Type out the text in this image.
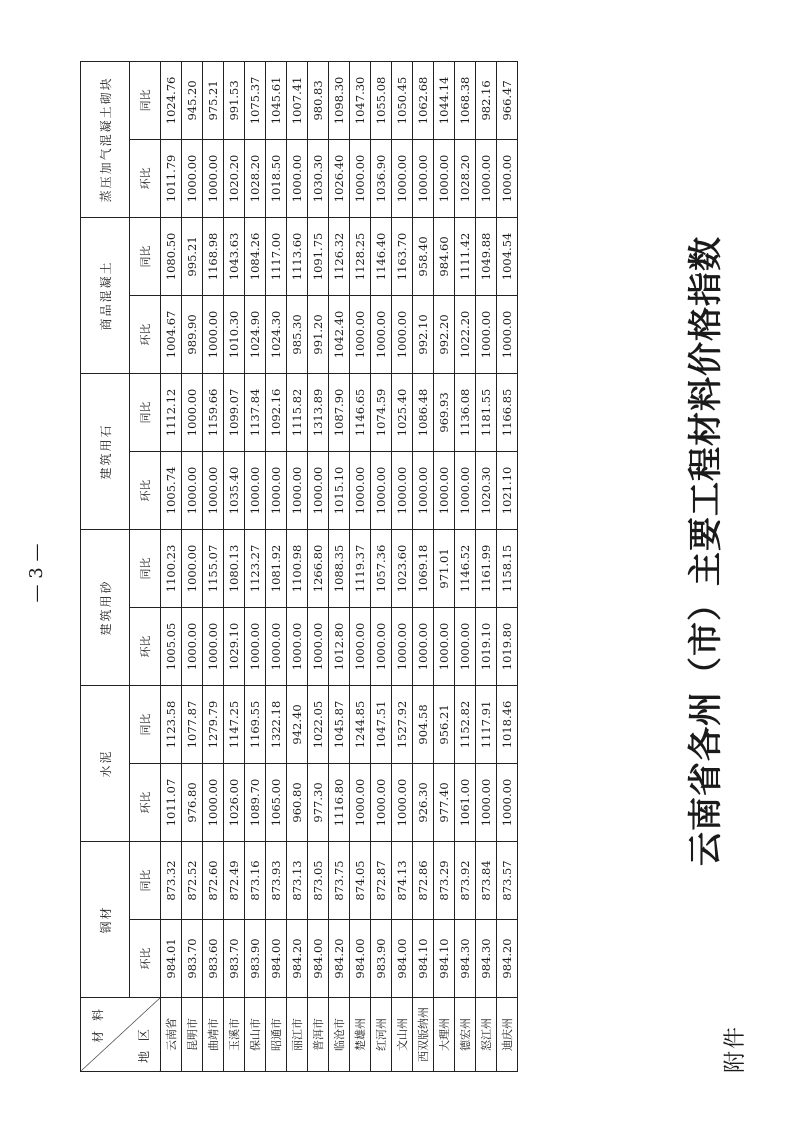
— 3 —
材 料
地 区	钢材		水泥		建筑用砂		建筑用石		商品混凝土		蒸压加气混凝土砌块	
	环比	同比	环比	同比	环比	同比	环比	同比	环比	同比	环比	同比
云南省	984.01	873.32	1011.07	1123.58	1005.05	1100.23	1005.74	1112.12	1004.67	1080.50	1011.79	1024.76
昆明市	983.70	872.52	976.80	1077.87	1000.00	1000.00	1000.00	1000.00	989.90	995.21	1000.00	945.20
曲靖市	983.60	872.60	1000.00	1279.79	1000.00	1155.07	1000.00	1159.66	1000.00	1168.98	1000.00	975.21
玉溪市	983.70	872.49	1026.00	1147.25	1029.10	1080.13	1035.40	1099.07	1010.30	1043.63	1020.20	991.53
保山市	983.90	873.16	1089.70	1169.55	1000.00	1123.27	1000.00	1137.84	1024.90	1084.26	1028.20	1075.37
昭通市	984.00	873.93	1065.00	1322.18	1000.00	1081.92	1000.00	1092.16	1024.30	1117.00	1018.50	1045.61
丽江市	984.20	873.13	960.80	942.40	1000.00	1100.98	1000.00	1115.82	985.30	1113.60	1000.00	1007.41
普洱市	984.00	873.05	977.30	1022.05	1000.00	1266.80	1000.00	1313.89	991.20	1091.75	1030.30	980.83
临沧市	984.20	873.75	1116.80	1045.87	1012.80	1088.35	1015.10	1087.90	1042.40	1126.32	1026.40	1098.30
楚雄州	984.00	874.05	1000.00	1244.85	1000.00	1119.37	1000.00	1146.65	1000.00	1128.25	1000.00	1047.30
红河州	983.90	872.87	1000.00	1047.51	1000.00	1057.36	1000.00	1074.59	1000.00	1146.40	1036.90	1055.08
文山州	984.00	874.13	1000.00	1527.92	1000.00	1023.60	1000.00	1025.40	1000.00	1163.70	1000.00	1050.45
西双版纳州	984.10	872.86	926.30	904.58	1000.00	1069.18	1000.00	1086.48	992.10	958.40	1000.00	1062.68
大理州	984.10	873.29	977.40	956.21	1000.00	971.01	1000.00	969.93	992.20	984.60	1000.00	1044.14
德宏州	984.30	873.92	1061.00	1152.82	1000.00	1146.52	1000.00	1136.08	1022.20	1111.42	1028.20	1068.38
怒江州	984.30	873.84	1000.00	1117.91	1019.10	1161.99	1020.30	1181.55	1000.00	1049.88	1000.00	982.16
迪庆州	984.20	873.57	1000.00	1018.46	1019.80	1158.15	1021.10	1166.85	1000.00	1004.54	1000.00	966.47
云南省各州（市）主要工程材料价格指数
附件
